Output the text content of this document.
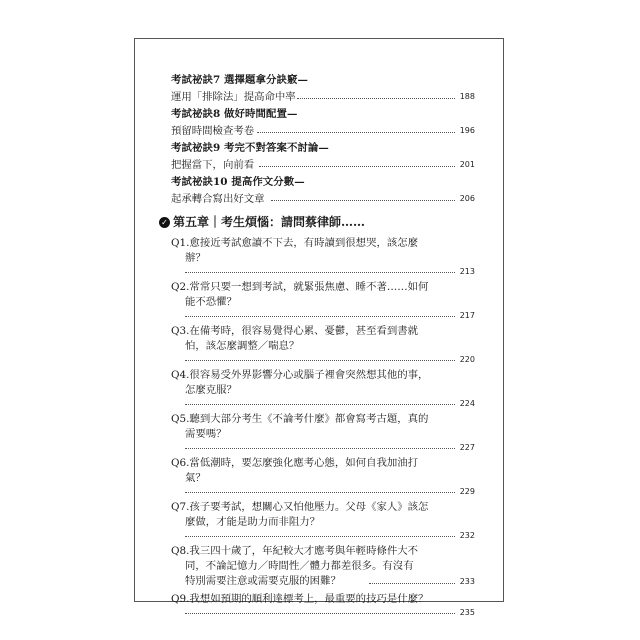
考試祕訣7 選擇題拿分訣竅—
運用「排除法」提高命中率	188
考試祕訣8 做好時間配置—
預留時間檢查考卷	196
考試祕訣9 考完不對答案不討論—
把握當下，向前看	201
考試祕訣10 提高作文分數—
起承轉合寫出好文章	206
✓ 第五章｜考生煩惱：請問蔡律師……
Q1.愈接近考試愈讀不下去，有時讀到很想哭，該怎麼
辦？
213
Q2.常常只要一想到考試，就緊張焦慮、睡不著……如何
能不恐懼？
217
Q3.在備考時，很容易覺得心累、憂鬱，甚至看到書就
怕，該怎麼調整／喘息？
220
Q4.很容易受外界影響分心或腦子裡會突然想其他的事，
怎麼克服？
224
Q5.聽到大部分考生《不論考什麼》都會寫考古題，真的
需要嗎？
227
Q6.當低潮時，要怎麼強化應考心態，如何自我加油打
氣？
229
Q7.孩子要考試，想關心又怕他壓力。父母《家人》該怎
麼做，才能是助力而非阻力？
232
Q8.我三四十歲了，年紀較大才應考與年輕時條件大不
同，不論記憶力／時間性／體力都差很多。有沒有
特別需要注意或需要克服的困難？	233
Q9.我想如預期的順利達標考上，最重要的技巧是什麼？
235
